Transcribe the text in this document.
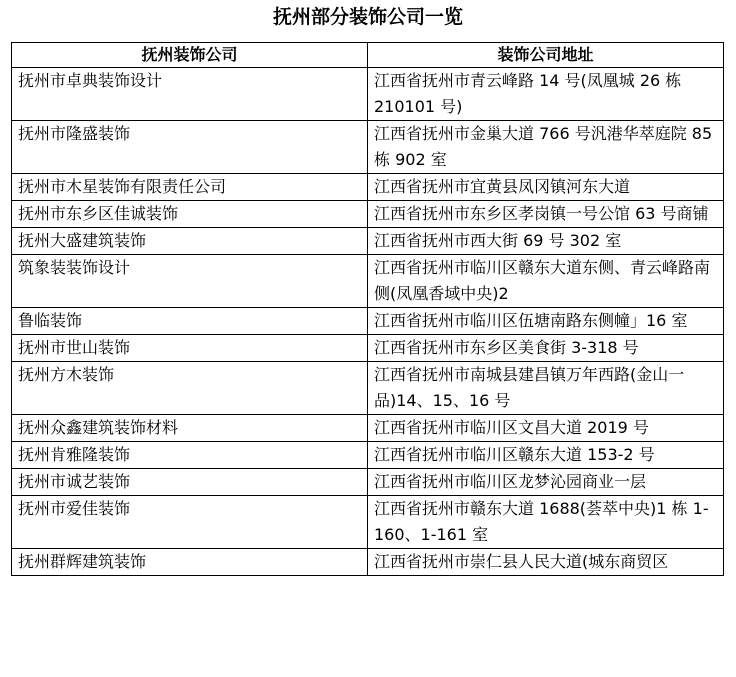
抚州部分装饰公司一览
抚州装饰公司	装饰公司地址
抚州市卓典装饰设计	江西省抚州市青云峰路 14 号(凤凰城 26 栋 210101 号)
抚州市隆盛装饰	江西省抚州市金巢大道 766 号汎港华萃庭院 85 栋 902 室
抚州市木星装饰有限责任公司	江西省抚州市宜黄县凤冈镇河东大道
抚州市东乡区佳诚装饰	江西省抚州市东乡区孝岗镇一号公馆 63 号商铺
抚州大盛建筑装饰	江西省抚州市西大街 69 号 302 室
筑象装装饰设计	江西省抚州市临川区赣东大道东侧、青云峰路南侧(凤凰香域中央)2
鲁临装饰	江西省抚州市临川区伍塘南路东侧幢」16 室
抚州市世山装饰	江西省抚州市东乡区美食街 3-318 号
抚州方木装饰	江西省抚州市南城县建昌镇万年西路(金山一品)14、15、16 号
抚州众鑫建筑装饰材料	江西省抚州市临川区文昌大道 2019 号
抚州肯雅隆装饰	江西省抚州市临川区赣东大道 153-2 号
抚州市诚艺装饰	江西省抚州市临川区龙梦沁园商业一层
抚州市爱佳装饰	江西省抚州市赣东大道 1688(荟萃中央)1 栋 1-160、1-161 室
抚州群辉建筑装饰	江西省抚州市崇仁县人民大道(城东商贸区
